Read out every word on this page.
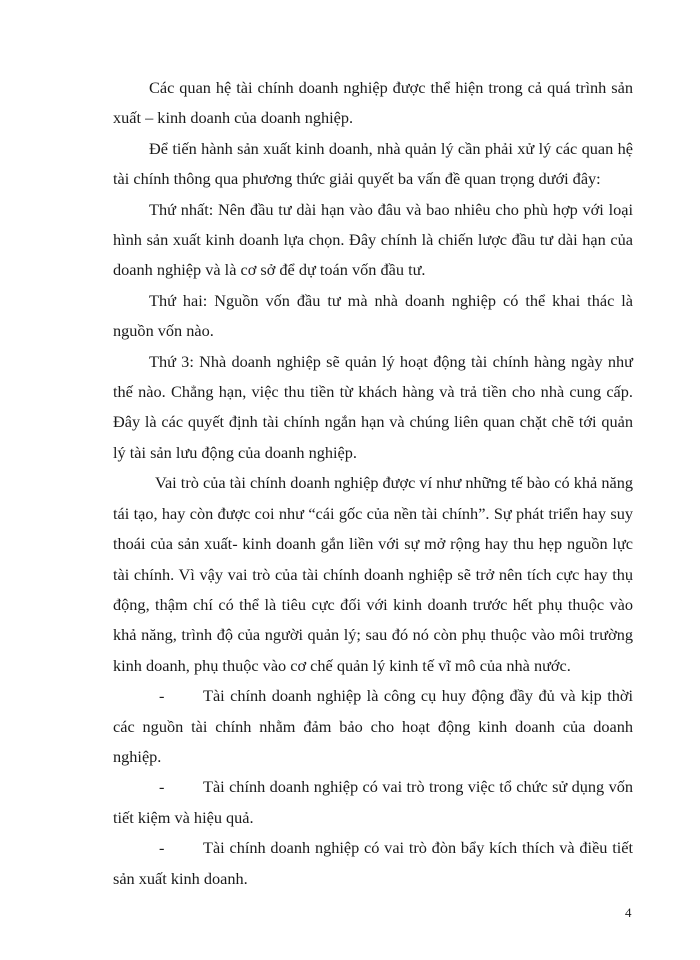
Các quan hệ tài chính doanh nghiệp được thể hiện trong cả quá trình sản xuất – kinh doanh của doanh nghiệp.

Để tiến hành sản xuất kinh doanh, nhà quản lý cần phải xử lý các quan hệ tài chính thông qua phương thức giải quyết ba vấn đề quan trọng dưới đây:

Thứ nhất: Nên đầu tư dài hạn vào đâu và bao nhiêu cho phù hợp với loại hình sản xuất kinh doanh lựa chọn. Đây chính là chiến lược đầu tư dài hạn của doanh nghiệp và là cơ sở để dự toán vốn đầu tư.

Thứ hai: Nguồn vốn đầu tư mà nhà doanh nghiệp có thể khai thác là nguồn vốn nào.

Thứ 3: Nhà doanh nghiệp sẽ quản lý hoạt động tài chính hàng ngày như thế nào. Chẳng hạn, việc thu tiền từ khách hàng và trả tiền cho nhà cung cấp. Đây là các quyết định tài chính ngắn hạn và chúng liên quan chặt chẽ tới quản lý tài sản lưu động của doanh nghiệp.

Vai trò của tài chính doanh nghiệp được ví như những tế bào có khả năng tái tạo, hay còn được coi như “cái gốc của nền tài chính”. Sự phát triển hay suy thoái của sản xuất- kinh doanh gắn liền với sự mở rộng hay thu hẹp nguồn lực tài chính. Vì vậy vai trò của tài chính doanh nghiệp sẽ trở nên tích cực hay thụ động, thậm chí có thể là tiêu cực đối với kinh doanh trước hết phụ thuộc vào khả năng, trình độ của người quản lý; sau đó nó còn phụ thuộc vào môi trường kinh doanh, phụ thuộc vào cơ chế quản lý kinh tế vĩ mô của nhà nước.

- Tài chính doanh nghiệp là công cụ huy động đầy đủ và kịp thời các nguồn tài chính nhằm đảm bảo cho hoạt động kinh doanh của doanh nghiệp.

- Tài chính doanh nghiệp có vai trò trong việc tổ chức sử dụng vốn tiết kiệm và hiệu quả.

- Tài chính doanh nghiệp có vai trò đòn bẩy kích thích và điều tiết sản xuất kinh doanh.

4
